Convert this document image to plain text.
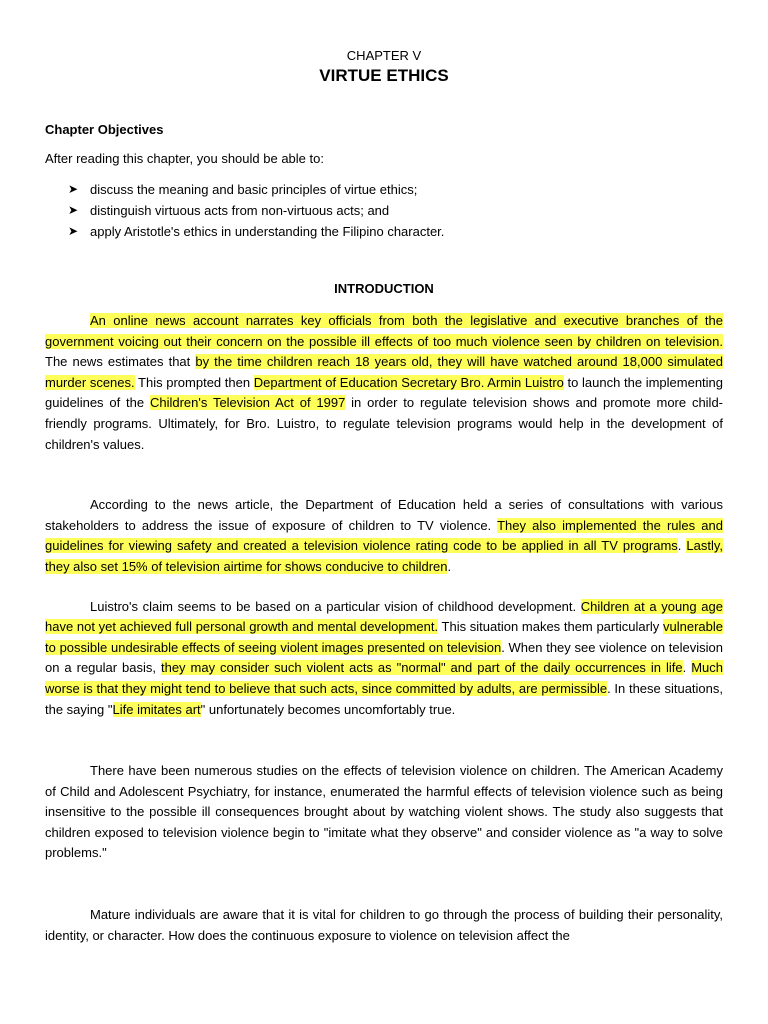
CHAPTER V
VIRTUE ETHICS
Chapter Objectives
After reading this chapter, you should be able to:
➤ discuss the meaning and basic principles of virtue ethics;
➤ distinguish virtuous acts from non-virtuous acts; and
➤ apply Aristotle's ethics in understanding the Filipino character.
INTRODUCTION

An online news account narrates key officials from both the legislative and executive branches of the government voicing out their concern on the possible ill effects of too much violence seen by children on television. The news estimates that by the time children reach 18 years old, they will have watched around 18,000 simulated murder scenes. This prompted then Department of Education Secretary Bro. Armin Luistro to launch the implementing guidelines of the Children's Television Act of 1997 in order to regulate television shows and promote more child-friendly programs. Ultimately, for Bro. Luistro, to regulate television programs would help in the development of children's values.

According to the news article, the Department of Education held a series of consultations with various stakeholders to address the issue of exposure of children to TV violence. They also implemented the rules and guidelines for viewing safety and created a television violence rating code to be applied in all TV programs. Lastly, they also set 15% of television airtime for shows conducive to children.

Luistro's claim seems to be based on a particular vision of childhood development. Children at a young age have not yet achieved full personal growth and mental development. This situation makes them particularly vulnerable to possible undesirable effects of seeing violent images presented on television. When they see violence on television on a regular basis, they may consider such violent acts as "normal" and part of the daily occurrences in life. Much worse is that they might tend to believe that such acts, since committed by adults, are permissible. In these situations, the saying "Life imitates art" unfortunately becomes uncomfortably true.

There have been numerous studies on the effects of television violence on children. The American Academy of Child and Adolescent Psychiatry, for instance, enumerated the harmful effects of television violence such as being insensitive to the possible ill consequences brought about by watching violent shows. The study also suggests that children exposed to television violence begin to "imitate what they observe" and consider violence as "a way to solve problems."

Mature individuals are aware that it is vital for children to go through the process of building their personality, identity, or character. How does the continuous exposure to violence on television affect the
